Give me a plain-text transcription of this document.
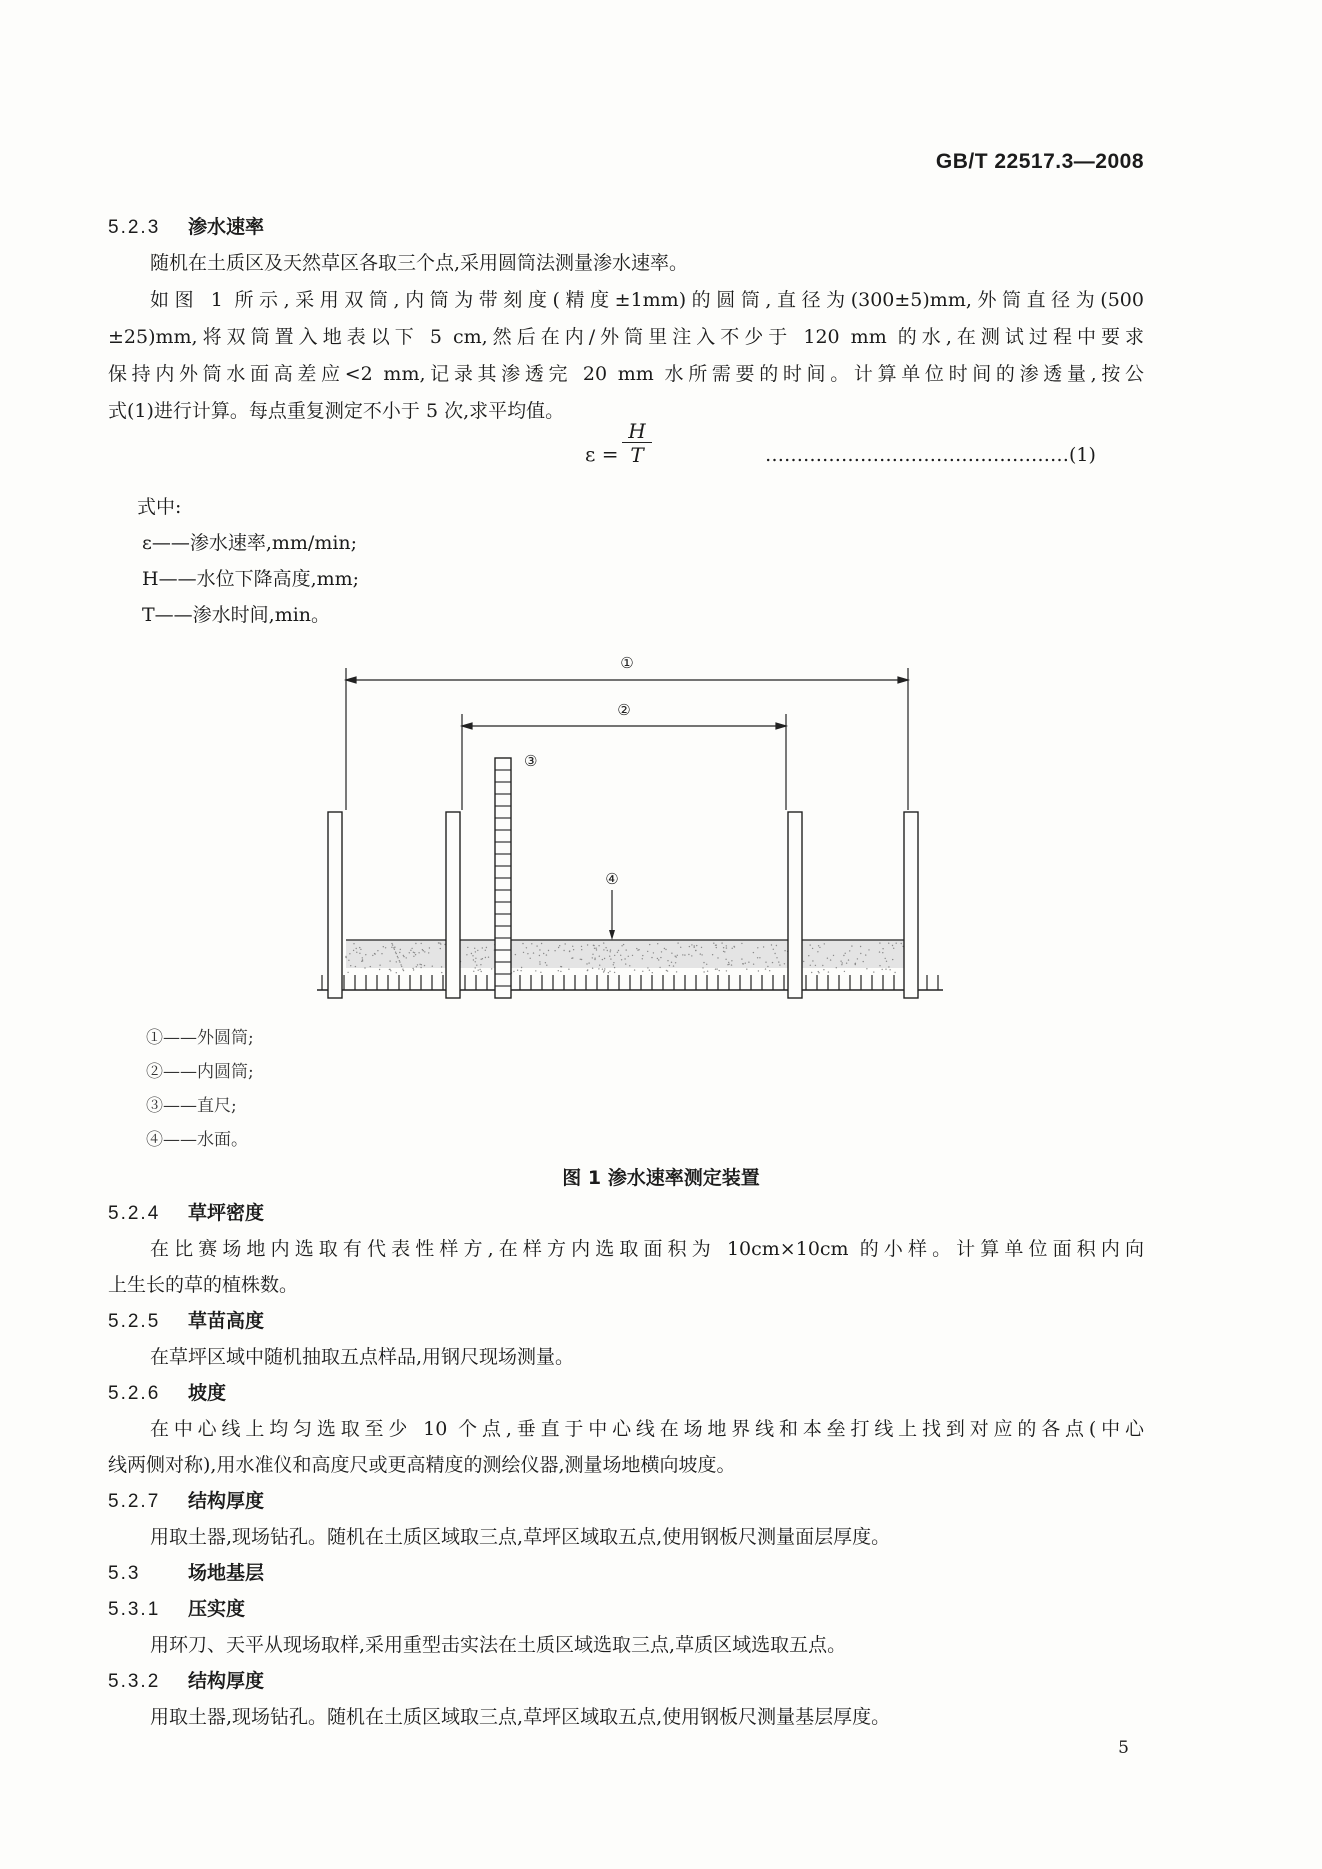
GB/T 22517.3—2008
5.2.3 渗水速率
随机在土质区及天然草区各取三个点,采用圆筒法测量渗水速率。
如图 1 所示,采用双筒,内筒为带刻度(精度±1mm)的圆筒,直径为(300±5)mm,外筒直径为(500
±25)mm,将双筒置入地表以下 5 cm,然后在内/外筒里注入不少于 120 mm 的水,在测试过程中要求
保持内外筒水面高差应<2 mm,记录其渗透完 20 mm 水所需要的时间。计算单位时间的渗透量,按公
式(1)进行计算。每点重复测定不小于 5 次,求平均值。
$\varepsilon = \frac{H}{T}$	…………………………………………(1)
式中:
ε——渗水速率,mm/min;
H——水位下降高度,mm;
T——渗水时间,min。
①
②
③
④
①——外圆筒;
②——内圆筒;
③——直尺;
④——水面。
图 1 渗水速率测定装置
5.2.4 草坪密度
在比赛场地内选取有代表性样方,在样方内选取面积为 10cm×10cm 的小样。计算单位面积内向
上生长的草的植株数。
5.2.5 草苗高度
在草坪区域中随机抽取五点样品,用钢尺现场测量。
5.2.6 坡度
在中心线上均匀选取至少 10 个点,垂直于中心线在场地界线和本垒打线上找到对应的各点(中心
线两侧对称),用水准仪和高度尺或更高精度的测绘仪器,测量场地横向坡度。
5.2.7 结构厚度
用取土器,现场钻孔。随机在土质区域取三点,草坪区域取五点,使用钢板尺测量面层厚度。
5.3	场地基层
5.3.1 压实度
用环刀、天平从现场取样,采用重型击实法在土质区域选取三点,草质区域选取五点。
5.3.2 结构厚度
用取土器,现场钻孔。随机在土质区域取三点,草坪区域取五点,使用钢板尺测量基层厚度。
5
